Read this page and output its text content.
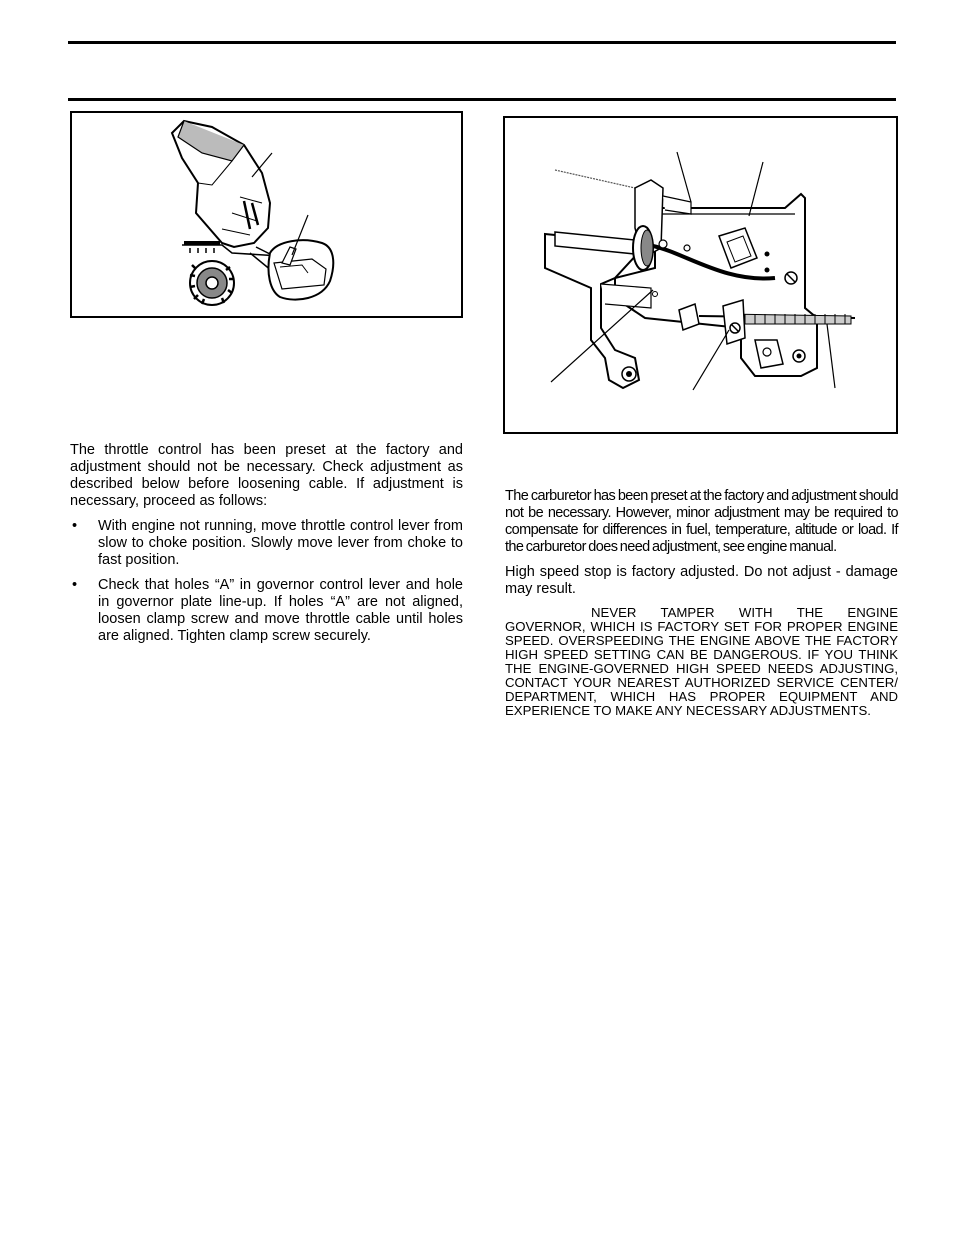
The throttle control has been preset at the factory and adjustment should not be necessary. Check adjustment as described below before loosening cable. If adjustment is necessary, proceed as follows:

• With engine not running, move throttle control lever from slow to choke position. Slowly move lever from choke to fast position.
• Check that holes “A” in governor control lever and hole in governor plate line-up. If holes “A” are not aligned, loosen clamp screw and move throttle cable until holes are aligned. Tighten clamp screw securely.

The carburetor has been preset at the factory and adjustment should not be necessary. However, minor adjustment may be required to compensate for differences in fuel, temperature, altitude or load. If the carburetor does need adjustment, see engine manual.

High speed stop is factory adjusted. Do not adjust - damage may result.

NEVER TAMPER WITH THE ENGINE GOVERNOR, WHICH IS FACTORY SET FOR PROPER ENGINE SPEED. OVERSPEEDING THE ENGINE ABOVE THE FACTORY HIGH SPEED SETTING CAN BE DANGEROUS. IF YOU THINK THE ENGINE-GOVERNED HIGH SPEED NEEDS ADJUSTING, CONTACT YOUR NEAREST AUTHORIZED SERVICE CENTER/ DEPARTMENT, WHICH HAS PROPER EQUIPMENT AND EXPERIENCE TO MAKE ANY NECESSARY ADJUSTMENTS.
